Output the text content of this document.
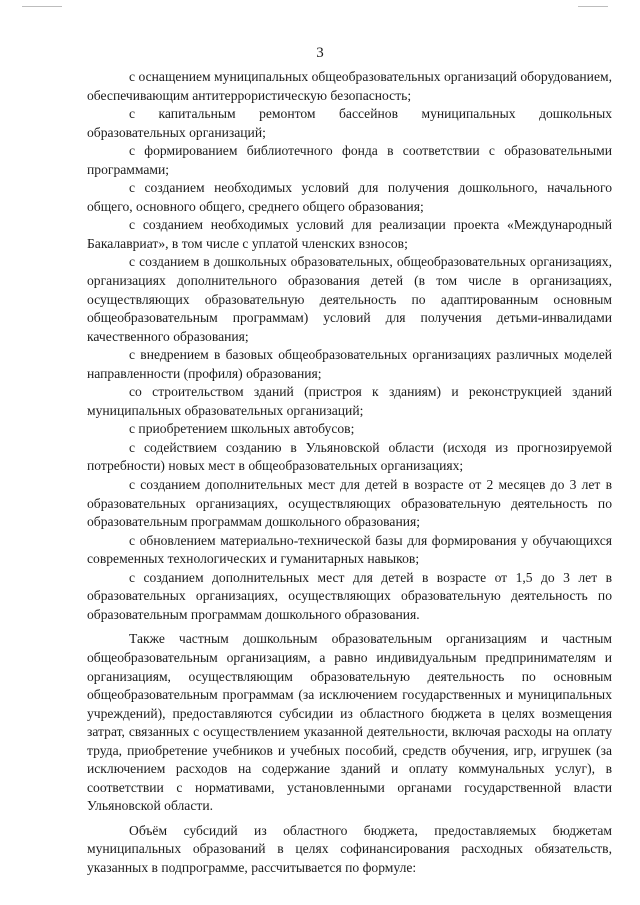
3

с оснащением муниципальных общеобразовательных организаций оборудованием, обеспечивающим антитеррористическую безопасность;

с капитальным ремонтом бассейнов муниципальных дошкольных образовательных организаций;

с формированием библиотечного фонда в соответствии с образовательными программами;

с созданием необходимых условий для получения дошкольного, начального общего, основного общего, среднего общего образования;

с созданием необходимых условий для реализации проекта «Международный Бакалавриат», в том числе с уплатой членских взносов;

с созданием в дошкольных образовательных, общеобразовательных организациях, организациях дополнительного образования детей (в том числе в организациях, осуществляющих образовательную деятельность по адаптированным основным общеобразовательным программам) условий для получения детьми-инвалидами качественного образования;

с внедрением в базовых общеобразовательных организациях различных моделей направленности (профиля) образования;

со строительством зданий (пристроя к зданиям) и реконструкцией зданий муниципальных образовательных организаций;

с приобретением школьных автобусов;

с содействием созданию в Ульяновской области (исходя из прогнозируемой потребности) новых мест в общеобразовательных организациях;

с созданием дополнительных мест для детей в возрасте от 2 месяцев до 3 лет в образовательных организациях, осуществляющих образовательную деятельность по образовательным программам дошкольного образования;

с обновлением материально-технической базы для формирования у обучающихся современных технологических и гуманитарных навыков;

с созданием дополнительных мест для детей в возрасте от 1,5 до 3 лет в образовательных организациях, осуществляющих образовательную деятельность по образовательным программам дошкольного образования.

Также частным дошкольным образовательным организациям и частным общеобразовательным организациям, а равно индивидуальным предпринимателям и организациям, осуществляющим образовательную деятельность по основным общеобразовательным программам (за исключением государственных и муниципальных учреждений), предоставляются субсидии из областного бюджета в целях возмещения затрат, связанных с осуществлением указанной деятельности, включая расходы на оплату труда, приобретение учебников и учебных пособий, средств обучения, игр, игрушек (за исключением расходов на содержание зданий и оплату коммунальных услуг), в соответствии с нормативами, установленными органами государственной власти Ульяновской области.

Объём субсидий из областного бюджета, предоставляемых бюджетам муниципальных образований в целях софинансирования расходных обязательств, указанных в подпрограмме, рассчитывается по формуле:
